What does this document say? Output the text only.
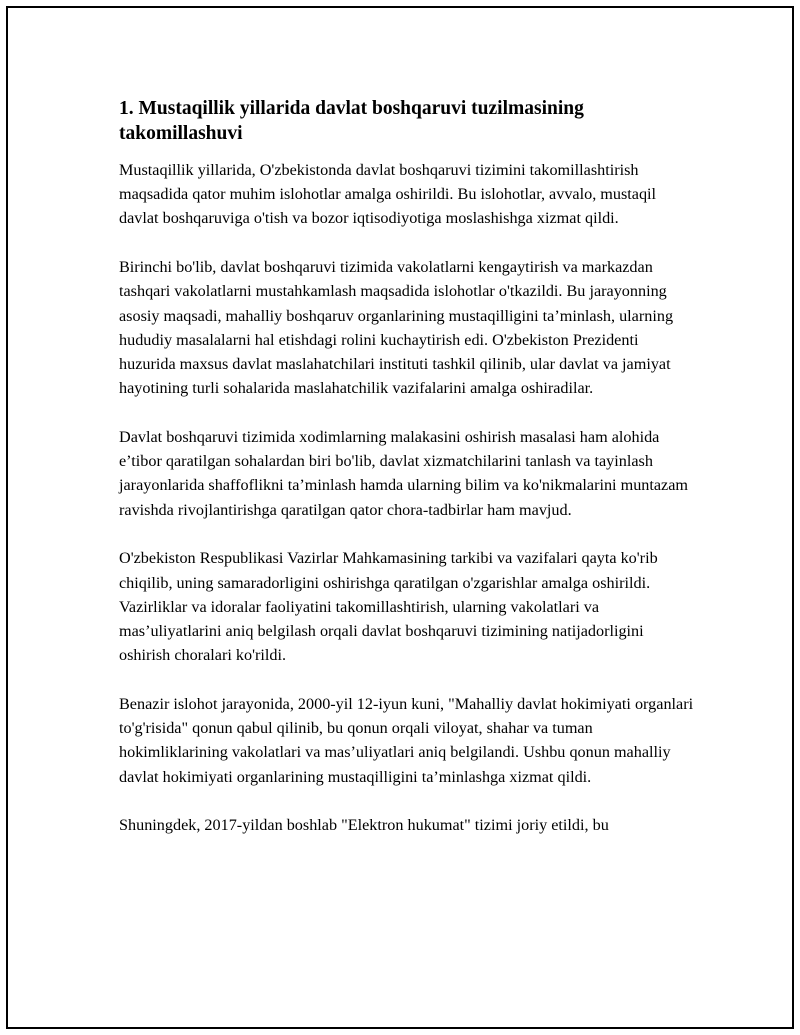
1. Mustaqillik yillarida davlat boshqaruvi tuzilmasining takomillashuvi

Mustaqillik yillarida, O'zbekistonda davlat boshqaruvi tizimini takomillashtirish maqsadida qator muhim islohotlar amalga oshirildi. Bu islohotlar, avvalo, mustaqil davlat boshqaruviga o'tish va bozor iqtisodiyotiga moslashishga xizmat qildi.

Birinchi bo'lib, davlat boshqaruvi tizimida vakolatlarni kengaytirish va markazdan tashqari vakolatlarni mustahkamlash maqsadida islohotlar o'tkazildi. Bu jarayonning asosiy maqsadi, mahalliy boshqaruv organlarining mustaqilligini ta’minlash, ularning hududiy masalalarni hal etishdagi rolini kuchaytirish edi. O'zbekiston Prezidenti huzurida maxsus davlat maslahatchilari instituti tashkil qilinib, ular davlat va jamiyat hayotining turli sohalarida maslahatchilik vazifalarini amalga oshiradilar.

Davlat boshqaruvi tizimida xodimlarning malakasini oshirish masalasi ham alohida e’tibor qaratilgan sohalardan biri bo'lib, davlat xizmatchilarini tanlash va tayinlash jarayonlarida shaffoflikni ta’minlash hamda ularning bilim va ko'nikmalarini muntazam ravishda rivojlantirishga qaratilgan qator chora-tadbirlar ham mavjud.

O'zbekiston Respublikasi Vazirlar Mahkamasining tarkibi va vazifalari qayta ko'rib chiqilib, uning samaradorligini oshirishga qaratilgan o'zgarishlar amalga oshirildi. Vazirliklar va idoralar faoliyatini takomillashtirish, ularning vakolatlari va mas’uliyatlarini aniq belgilash orqali davlat boshqaruvi tizimining natijadorligini oshirish choralari ko'rildi.

Benazir islohot jarayonida, 2000-yil 12-iyun kuni, "Mahalliy davlat hokimiyati organlari to'g'risida" qonun qabul qilinib, bu qonun orqali viloyat, shahar va tuman hokimliklarining vakolatlari va mas’uliyatlari aniq belgilandi. Ushbu qonun mahalliy davlat hokimiyati organlarining mustaqilligini ta’minlashga xizmat qildi.

Shuningdek, 2017-yildan boshlab "Elektron hukumat" tizimi joriy etildi, bu
